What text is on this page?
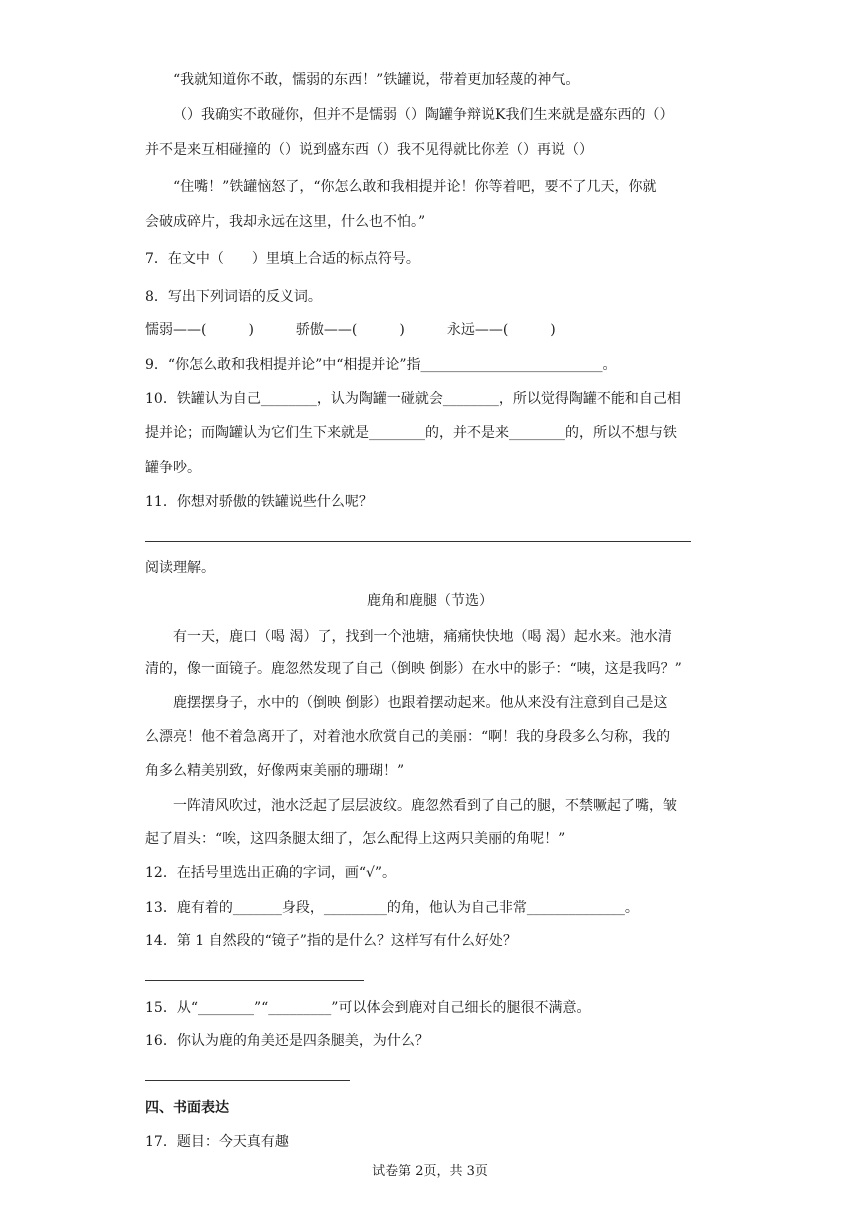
“我就知道你不敢，懦弱的东西！”铁罐说，带着更加轻蔑的神气。
（）我确实不敢碰你，但并不是懦弱（）陶罐争辩说K我们生来就是盛东西的（）
并不是来互相碰撞的（）说到盛东西（）我不见得就比你差（）再说（）
“住嘴！”铁罐恼怒了，“你怎么敢和我相提并论！你等着吧，要不了几天，你就
会破成碎片，我却永远在这里，什么也不怕。”
7．在文中（　　）里填上合适的标点符号。
8．写出下列词语的反义词。
懦弱——(　　　)　　　骄傲——(　　　)　　　永远——(　　　)
9．“你怎么敢和我相提并论”中“相提并论”指__________________________。
10．铁罐认为自己________，认为陶罐一碰就会________，所以觉得陶罐不能和自己相
提并论；而陶罐认为它们生下来就是________的，并不是来________的，所以不想与铁
罐争吵。
11．你想对骄傲的铁罐说些什么呢？
阅读理解。
鹿角和鹿腿（节选）
有一天，鹿口（喝 渴）了，找到一个池塘，痛痛快快地（喝 渴）起水来。池水清
清的，像一面镜子。鹿忽然发现了自己（倒映 倒影）在水中的影子：“咦，这是我吗？”
鹿摆摆身子，水中的（倒映 倒影）也跟着摆动起来。他从来没有注意到自己是这
么漂亮！他不着急离开了，对着池水欣赏自己的美丽：“啊！我的身段多么匀称，我的
角多么精美别致，好像两束美丽的珊瑚！”
一阵清风吹过，池水泛起了层层波纹。鹿忽然看到了自己的腿，不禁噘起了嘴，皱
起了眉头：“唉，这四条腿太细了，怎么配得上这两只美丽的角呢！”
12．在括号里选出正确的字词，画“√”。
13．鹿有着的_______身段，_________的角，他认为自己非常______________。
14．第 1 自然段的“镜子”指的是什么？这样写有什么好处？
15．从“________”“_________”可以体会到鹿对自己细长的腿很不满意。
16．你认为鹿的角美还是四条腿美，为什么？
四、书面表达
17．题目：今天真有趣
试卷第 2页，共 3页
